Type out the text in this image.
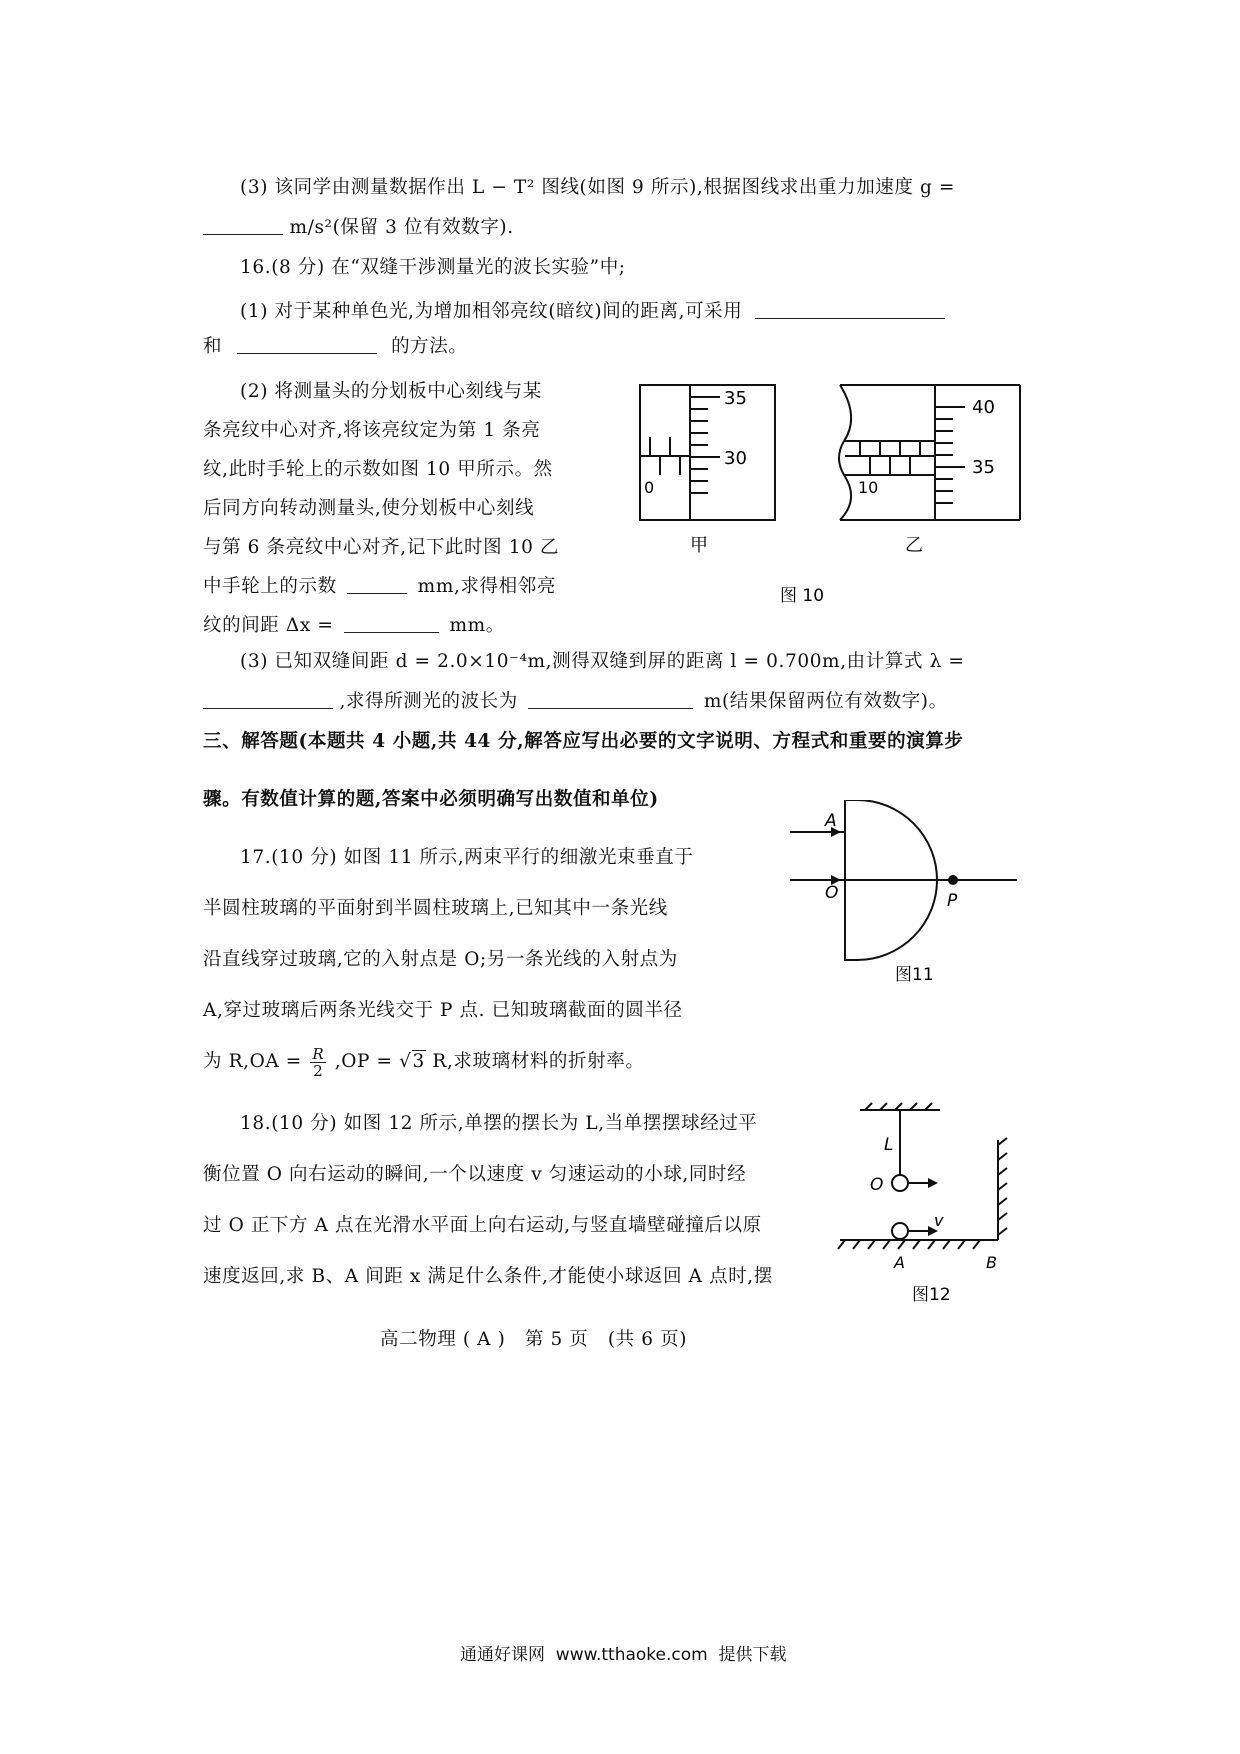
(3) 该同学由测量数据作出 L − T² 图线(如图 9 所示),根据图线求出重力加速度 g =
m/s²(保留 3 位有效数字).
16.(8 分) 在“双缝干涉测量光的波长实验”中;
(1) 对于某种单色光,为增加相邻亮纹(暗纹)间的距离,可采用
和	的方法。
(2) 将测量头的分划板中心刻线与某
条亮纹中心对齐,将该亮纹定为第 1 条亮
纹,此时手轮上的示数如图 10 甲所示。然
后同方向转动测量头,使分划板中心刻线
与第 6 条亮纹中心对齐,记下此时图 10 乙
中手轮上的示数	mm,求得相邻亮
纹的间距 Δx =	mm。
35
30
0
甲
40
35
10
乙
图 10
(3) 已知双缝间距 d = 2.0×10⁻⁴m,测得双缝到屏的距离 l = 0.700m,由计算式 λ =
,求得所测光的波长为	m(结果保留两位有效数字)。
三、解答题(本题共 4 小题,共 44 分,解答应写出必要的文字说明、方程式和重要的演算步
骤。有数值计算的题,答案中必须明确写出数值和单位)
17.(10 分) 如图 11 所示,两束平行的细激光束垂直于
半圆柱玻璃的平面射到半圆柱玻璃上,已知其中一条光线
沿直线穿过玻璃,它的入射点是 O;另一条光线的入射点为
A,穿过玻璃后两条光线交于 P 点. 已知玻璃截面的圆半径
为 $R,OA = \frac{R}{2} ,OP = √3$ R,求玻璃材料的折射率。
A
O	P
图11
18.(10 分) 如图 12 所示,单摆的摆长为 L,当单摆摆球经过平
衡位置 O 向右运动的瞬间,一个以速度 v 匀速运动的小球,同时经
过 O 正下方 A 点在光滑水平面上向右运动,与竖直墙壁碰撞后以原
速度返回,求 B、A 间距 x 满足什么条件,才能使小球返回 A 点时,摆
L
O
v
A	B
图12
高二物理 ( A )   第 5 页   (共 6 页)
通通好课网  www.tthaoke.com  提供下载
